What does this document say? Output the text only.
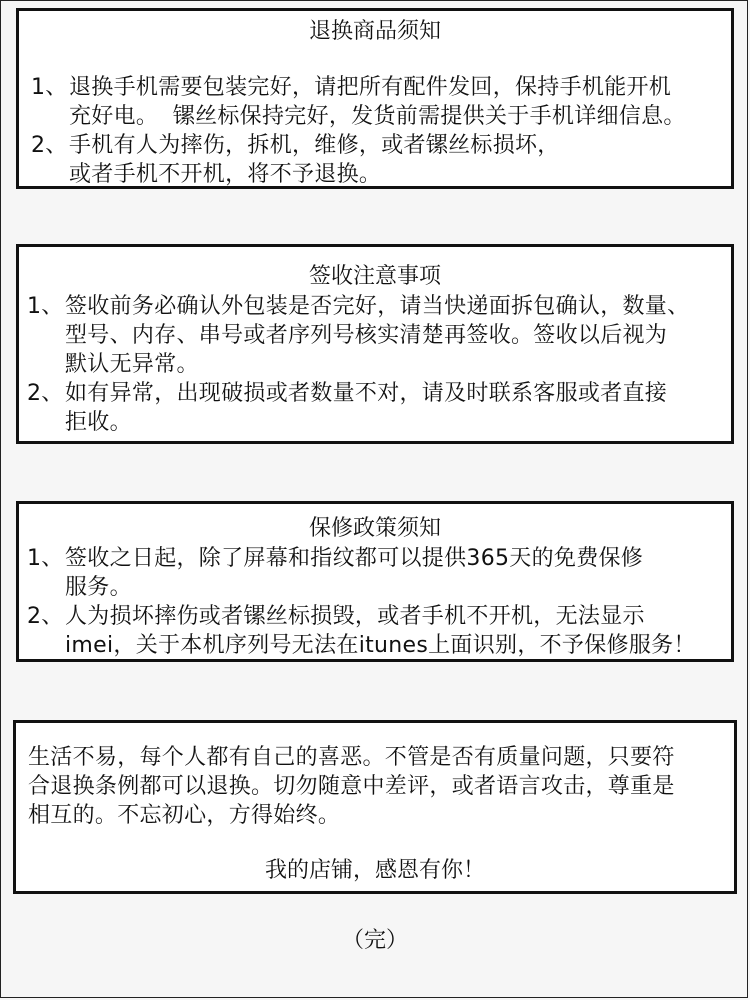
退换商品须知

1、 退换手机需要包装完好，请把所有配件发回，保持手机能开机
充好电。  镙丝标保持完好，发货前需提供关于手机详细信息。
2、 手机有人为摔伤，拆机，维修，或者镙丝标损坏，
或者手机不开机，将不予退换。

签收注意事项

1、 签收前务必确认外包装是否完好，请当快递面拆包确认，数量、
型号、内存、串号或者序列号核实清楚再签收。签收以后视为
默认无异常。
2、 如有异常，出现破损或者数量不对，请及时联系客服或者直接
拒收。

保修政策须知

1、 签收之日起，除了屏幕和指纹都可以提供365天的免费保修
服务。
2、 人为损坏摔伤或者镙丝标损毁，或者手机不开机，无法显示
imei，关于本机序列号无法在itunes上面识别，不予保修服务！
生活不易，每个人都有自己的喜恶。不管是否有质量问题，只要符
合退换条例都可以退换。切勿随意中差评，或者语言攻击，尊重是
相互的。不忘初心，方得始终。

我的店铺，感恩有你！

（完）
